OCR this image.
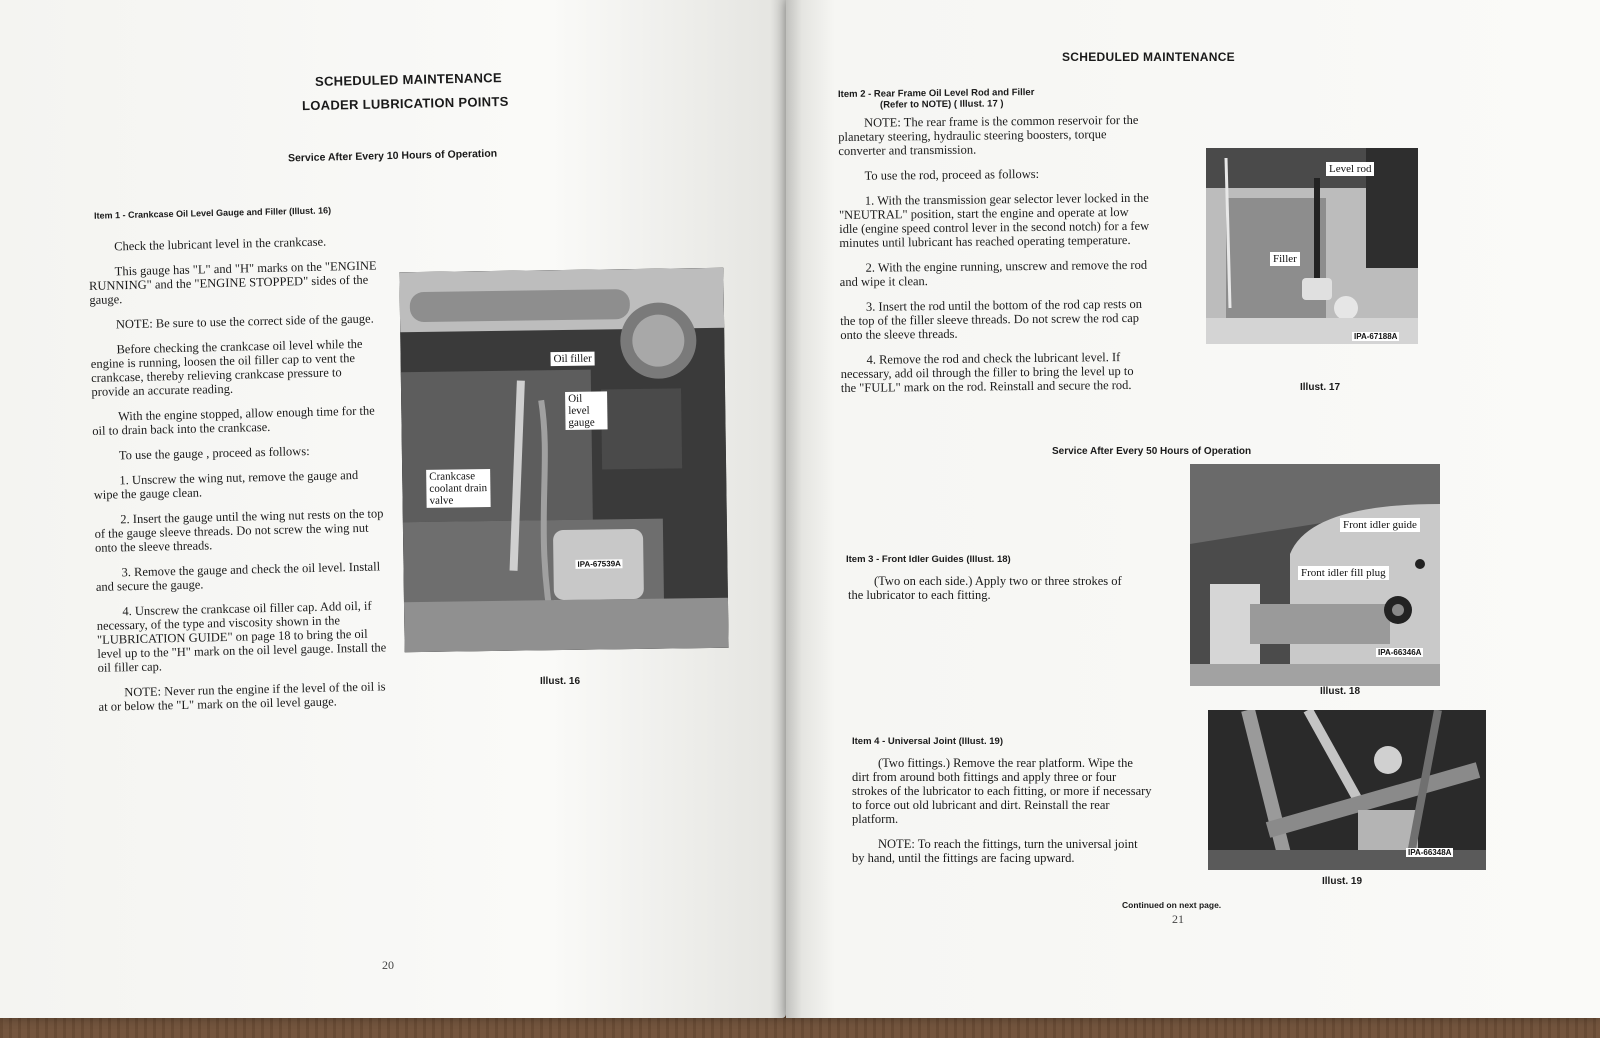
SCHEDULED MAINTENANCE
LOADER LUBRICATION POINTS
Service After Every 10 Hours of Operation
Item 1 - Crankcase Oil Level Gauge and Filler (Illust. 16)

Check the lubricant level in the crankcase.

This gauge has "L" and "H" marks on the "ENGINE RUNNING" and the "ENGINE STOPPED" sides of the gauge.

NOTE: Be sure to use the correct side of the gauge.

Before checking the crankcase oil level while the engine is running, loosen the oil filler cap to vent the crankcase, thereby relieving crankcase pressure to provide an accurate reading.

With the engine stopped, allow enough time for the oil to drain back into the crankcase.

To use the gauge , proceed as follows:

1. Unscrew the wing nut, remove the gauge and wipe the gauge clean.

2. Insert the gauge until the wing nut rests on the top of the gauge sleeve threads. Do not screw the wing nut onto the sleeve threads.

3. Remove the gauge and check the oil level. Install and secure the gauge.

4. Unscrew the crankcase oil filler cap. Add oil, if necessary, of the type and viscosity shown in the "LUBRICATION GUIDE" on page 18 to bring the oil level up to the "H" mark on the oil level gauge. Install the oil filler cap.

NOTE: Never run the engine if the level of the oil is at or below the "L" mark on the oil level gauge.

Oil filler
Oil level gauge
Crankcase coolant drain valve
IPA-67539A
Illust. 16
20
SCHEDULED MAINTENANCE
Item 2 - Rear Frame Oil Level Rod and Filler
(Refer to NOTE) ( Illust. 17 )

NOTE: The rear frame is the common reservoir for the planetary steering, hydraulic steering boosters, torque converter and transmission.

To use the rod, proceed as follows:

1. With the transmission gear selector lever locked in the "NEUTRAL" position, start the engine and operate at low idle (engine speed control lever in the second notch) for a few minutes until lubricant has reached operating temperature.

2. With the engine running, unscrew and remove the rod and wipe it clean.

3. Insert the rod until the bottom of the rod cap rests on the top of the filler sleeve threads. Do not screw the rod cap onto the sleeve threads.

4. Remove the rod and check the lubricant level. If necessary, add oil through the filler to bring the level up to the "FULL" mark on the rod. Reinstall and secure the rod.

Level rod
Filler
IPA-67188A
Illust. 17
Service After Every 50 Hours of Operation
Front idler guide
Front idler fill plug
IPA-66346A
Illust. 18
Item 3 - Front Idler Guides (Illust. 18)
(Two on each side.) Apply two or three strokes of the lubricator to each fitting.
IPA-66348A
Illust. 19
Item 4 - Universal Joint (Illust. 19)

(Two fittings.) Remove the rear platform. Wipe the dirt from around both fittings and apply three or four strokes of the lubricator to each fitting, or more if necessary to force out old lubricant and dirt. Reinstall the rear platform.

NOTE: To reach the fittings, turn the universal joint by hand, until the fittings are facing upward.

Continued on next page.
21
